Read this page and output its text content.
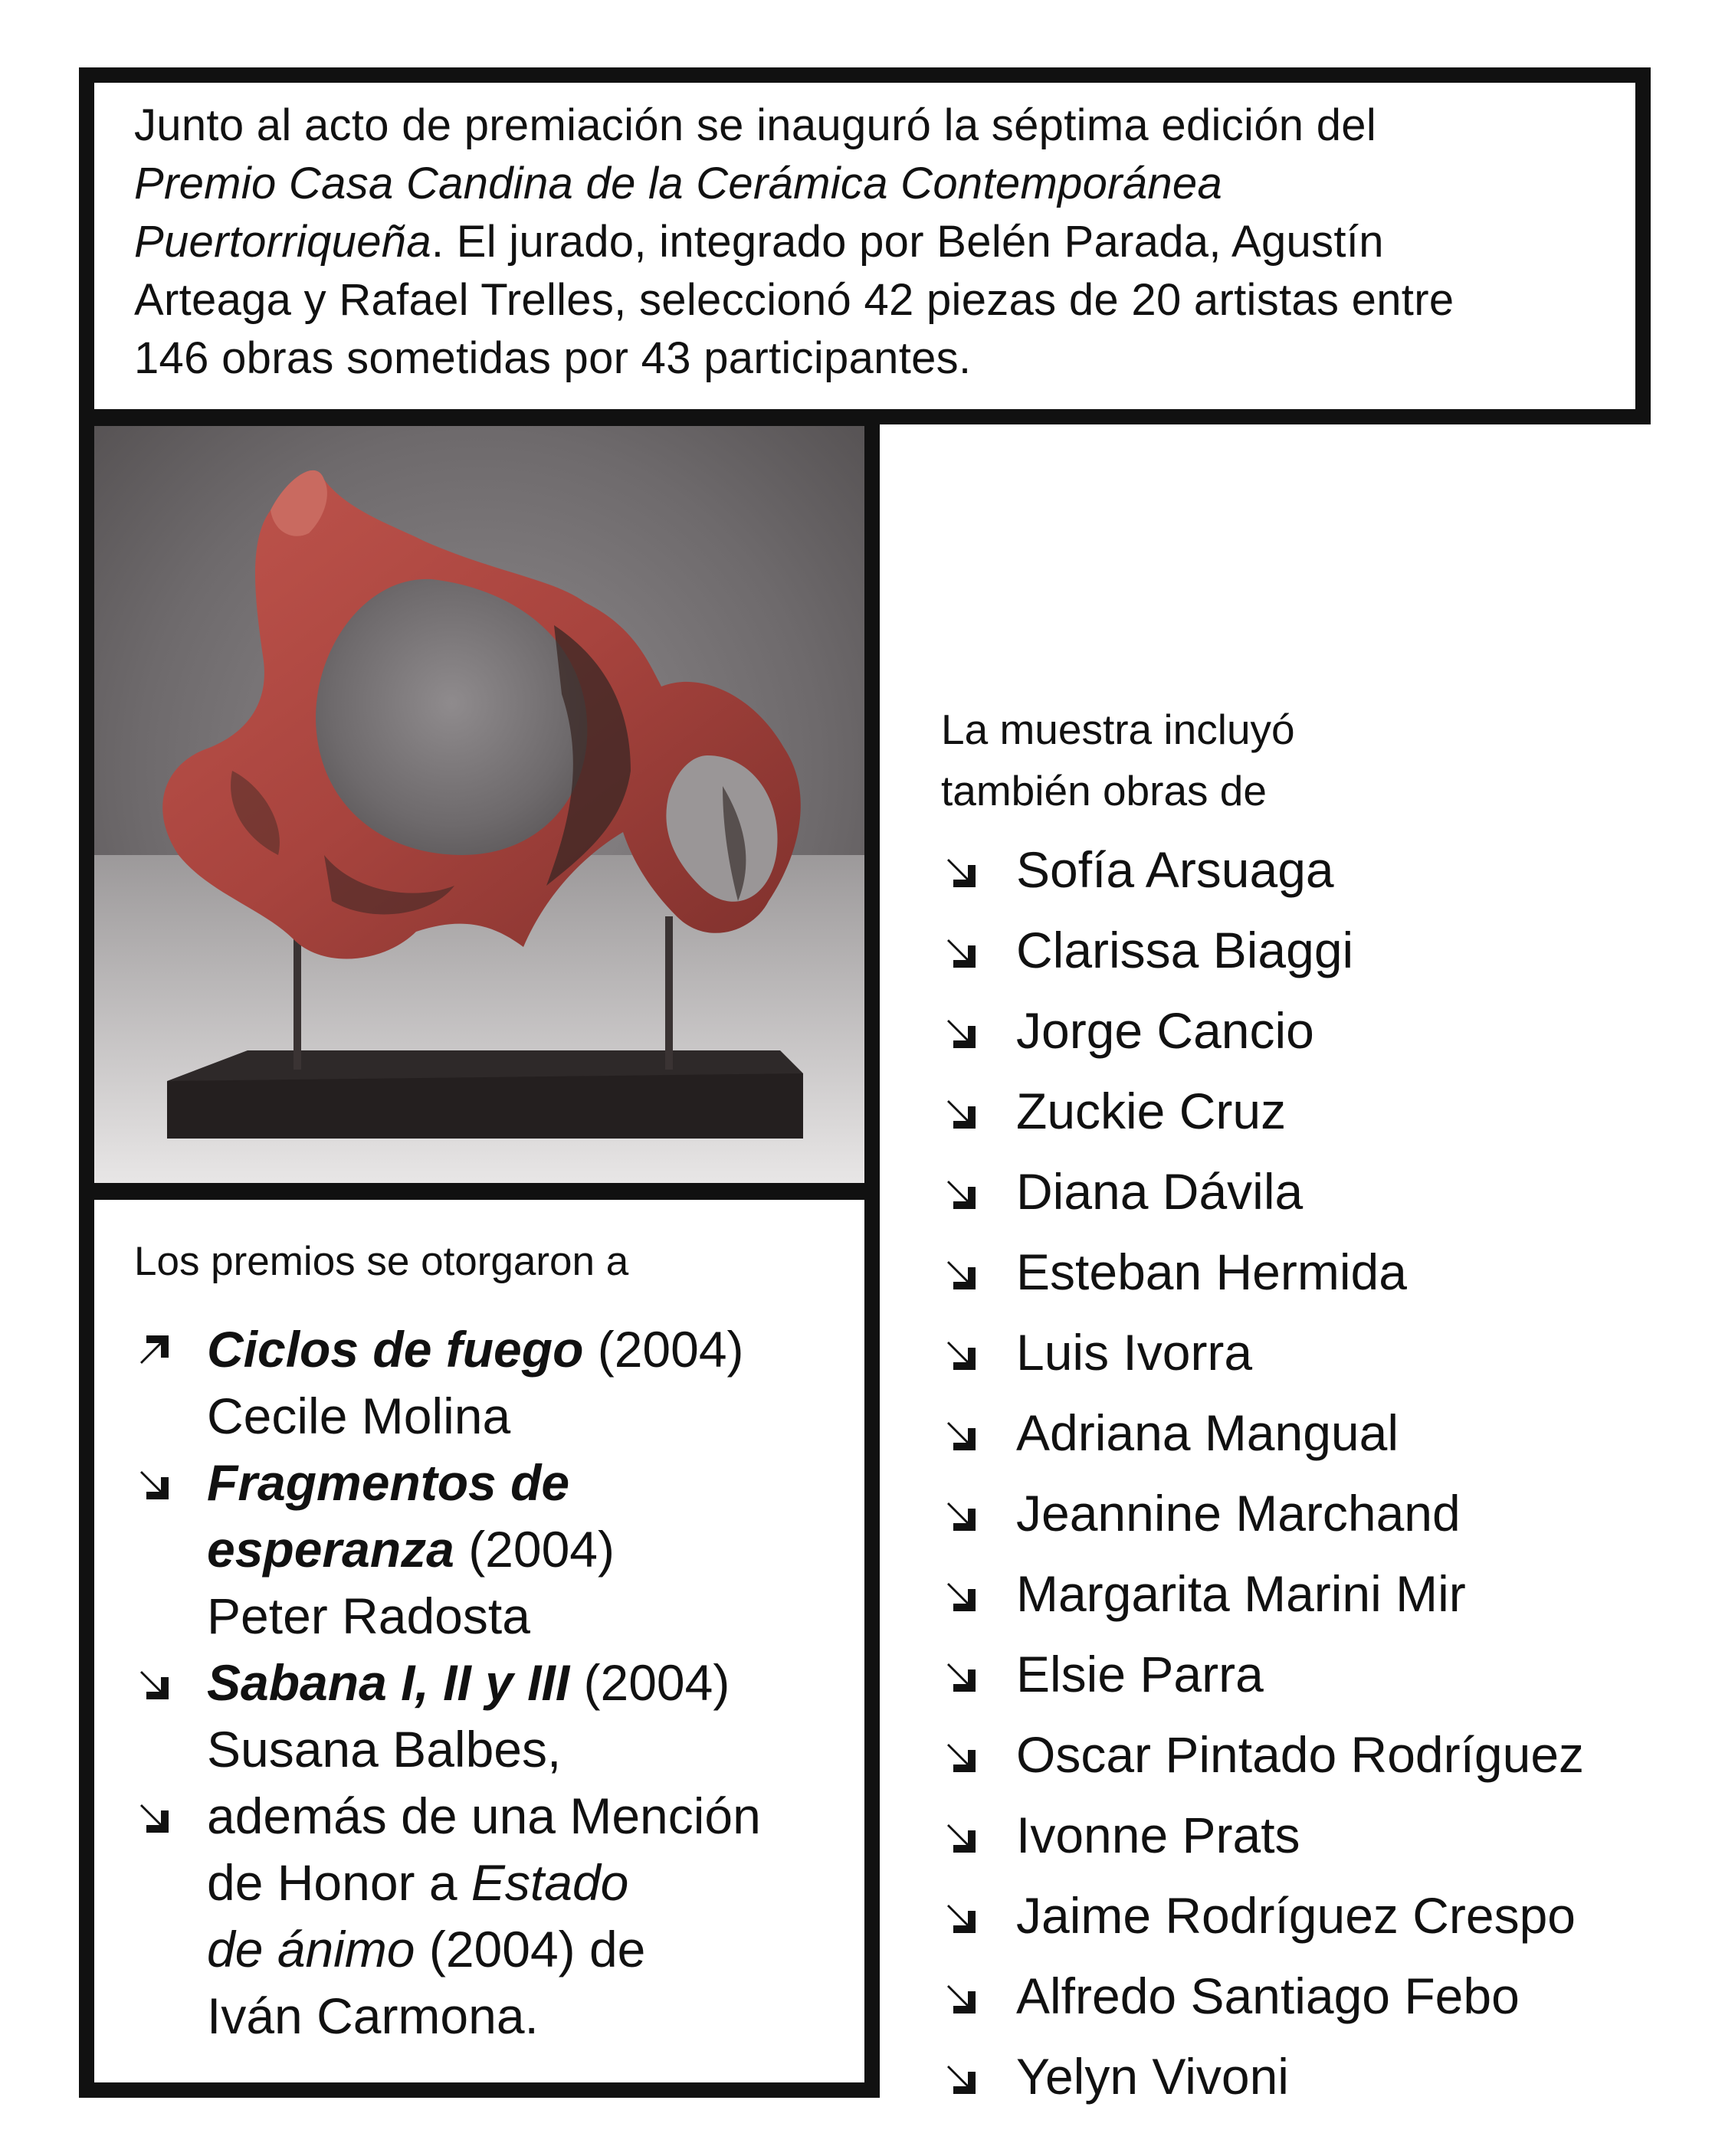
Junto al acto de premiación se inauguró la séptima edición del
Premio Casa Candina de la Cerámica Contemporánea
Puertorriqueña. El jurado, integrado por Belén Parada, Agustín
Arteaga y Rafael Trelles, seleccionó 42 piezas de 20 artistas entre
146 obras sometidas por 43 participantes.
Los premios se otorgaron a
Ciclos de fuego (2004)
Cecile Molina
Fragmentos de
esperanza (2004)
Peter Radosta
Sabana I, II y III (2004)
Susana Balbes,
además de una Mención
de Honor a Estado
de ánimo (2004) de
Iván Carmona.
La muestra incluyó
también obras de
Sofía Arsuaga
Clarissa Biaggi
Jorge Cancio
Zuckie Cruz
Diana Dávila
Esteban Hermida
Luis Ivorra
Adriana Mangual
Jeannine Marchand
Margarita Marini Mir
Elsie Parra
Oscar Pintado Rodríguez
Ivonne Prats
Jaime Rodríguez Crespo
Alfredo Santiago Febo
Yelyn Vivoni
